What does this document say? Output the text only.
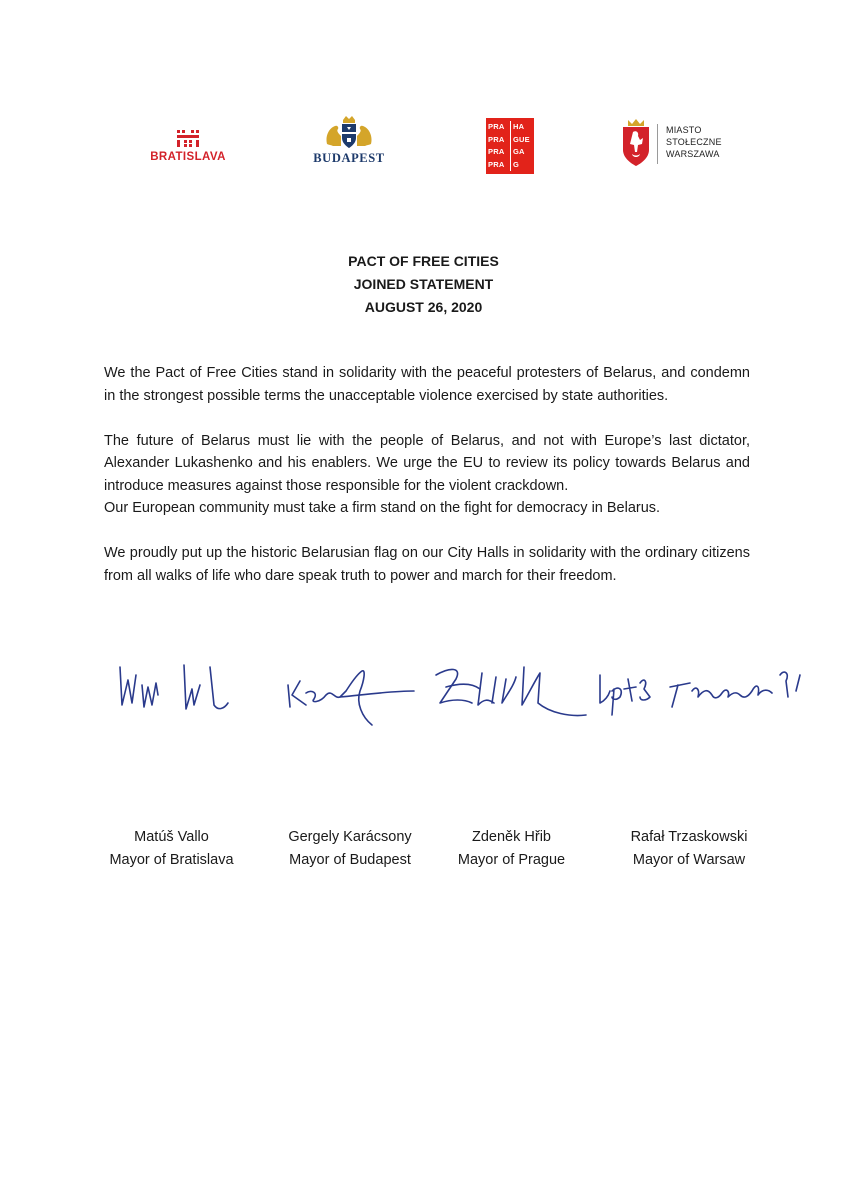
BRATISLAVA	BUDAPEST
PRA	HA
PRA	GUE
PRA	GA
PRA	G
MIASTO
STOŁECZNE
WARSZAWA
PACT OF FREE CITIES
JOINED STATEMENT
AUGUST 26, 2020

We the Pact of Free Cities stand in solidarity with the peaceful protesters of Belarus, and condemn in the strongest possible terms the unacceptable violence exercised by state authorities.

The future of Belarus must lie with the people of Belarus, and not with Europe’s last dictator, Alexander Lukashenko and his enablers. We urge the EU to review its policy towards Belarus and introduce measures against those responsible for the violent crackdown.

Our European community must take a firm stand on the fight for democracy in Belarus.

We proudly put up the historic Belarusian flag on our City Halls in solidarity with the ordinary citizens from all walks of life who dare speak truth to power and march for their freedom.

Matúš Vallo
Mayor of Bratislava
Gergely Karácsony
Mayor of Budapest
Zdeněk Hřib
Mayor of Prague
Rafał Trzaskowski
Mayor of Warsaw
